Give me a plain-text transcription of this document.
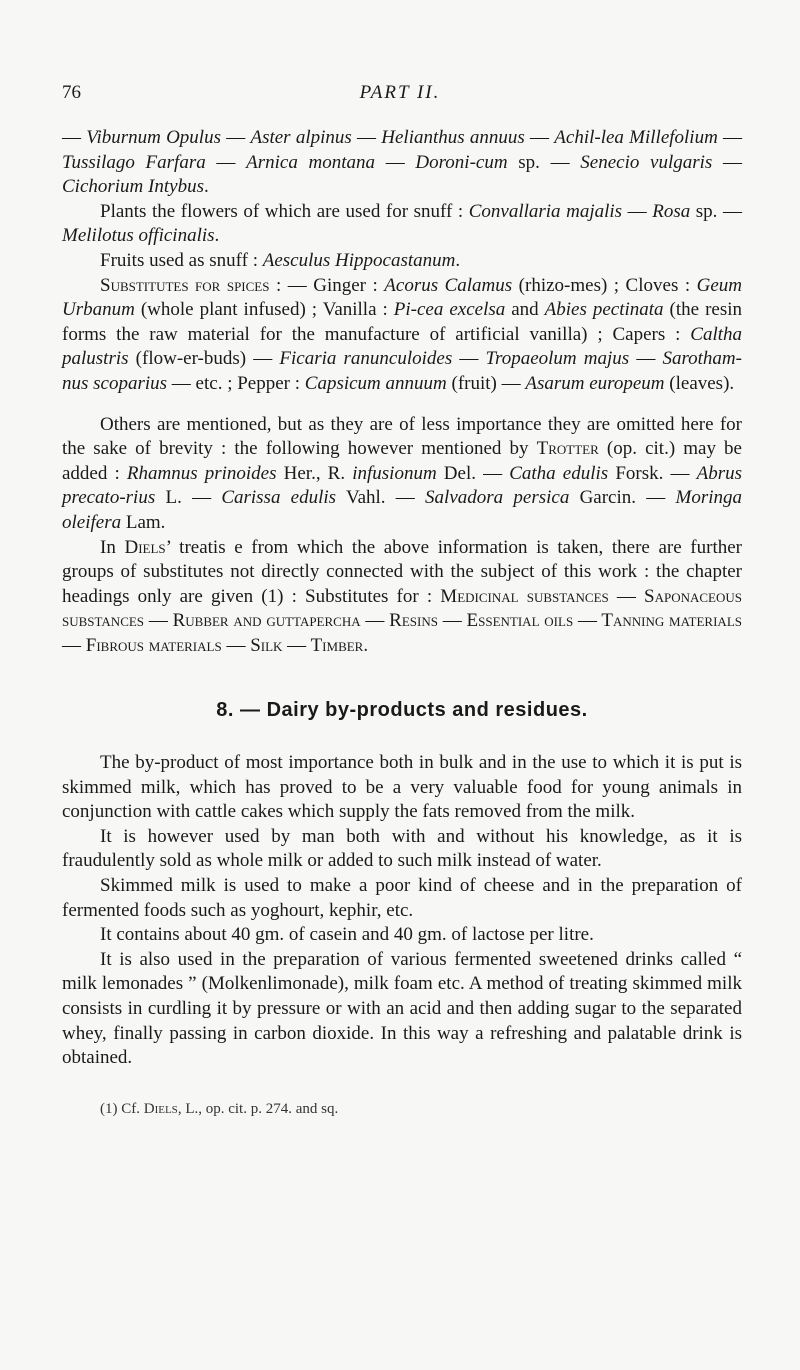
76	PART II.

— Viburnum Opulus — Aster alpinus — Helianthus annuus — Achil-lea Millefolium — Tussilago Farfara — Arnica montana — Doroni-cum sp. — Senecio vulgaris — Cichorium Intybus.

Plants the flowers of which are used for snuff : Convallaria majalis — Rosa sp. — Melilotus officinalis.

Fruits used as snuff : Aesculus Hippocastanum.

Substitutes for spices : — Ginger : Acorus Calamus (rhizo-mes) ; Cloves : Geum Urbanum (whole plant infused) ; Vanilla : Pi-cea excelsa and Abies pectinata (the resin forms the raw material for the manufacture of artificial vanilla) ; Capers : Caltha palustris (flow-er-buds) — Ficaria ranunculoides — Tropaeolum majus — Sarotham-nus scoparius — etc. ; Pepper : Capsicum annuum (fruit) — Asarum europeum (leaves).

Others are mentioned, but as they are of less importance they are omitted here for the sake of brevity : the following however mentioned by Trotter (op. cit.) may be added : Rhamnus prinoides Her., R. infusionum Del. — Catha edulis Forsk. — Abrus precato-rius L. — Carissa edulis Vahl. — Salvadora persica Garcin. — Moringa oleifera Lam.

In Diels’ treatis e from which the above information is taken, there are further groups of substitutes not directly connected with the subject of this work : the chapter headings only are given (1) : Substitutes for : Medicinal substances — Saponaceous substances — Rubber and guttapercha — Resins — Essential oils — Tanning materials — Fibrous materials — Silk — Timber.

8. — Dairy by-products and residues.

The by-product of most importance both in bulk and in the use to which it is put is skimmed milk, which has proved to be a very valuable food for young animals in conjunction with cattle cakes which supply the fats removed from the milk.

It is however used by man both with and without his knowledge, as it is fraudulently sold as whole milk or added to such milk instead of water.

Skimmed milk is used to make a poor kind of cheese and in the preparation of fermented foods such as yoghourt, kephir, etc.

It contains about 40 gm. of casein and 40 gm. of lactose per litre.

It is also used in the preparation of various fermented sweetened drinks called “ milk lemonades ” (Molkenlimonade), milk foam etc. A method of treating skimmed milk consists in curdling it by pressure or with an acid and then adding sugar to the separated whey, finally passing in carbon dioxide. In this way a refreshing and palatable drink is obtained.

(1) Cf. Diels, L., op. cit. p. 274. and sq.
